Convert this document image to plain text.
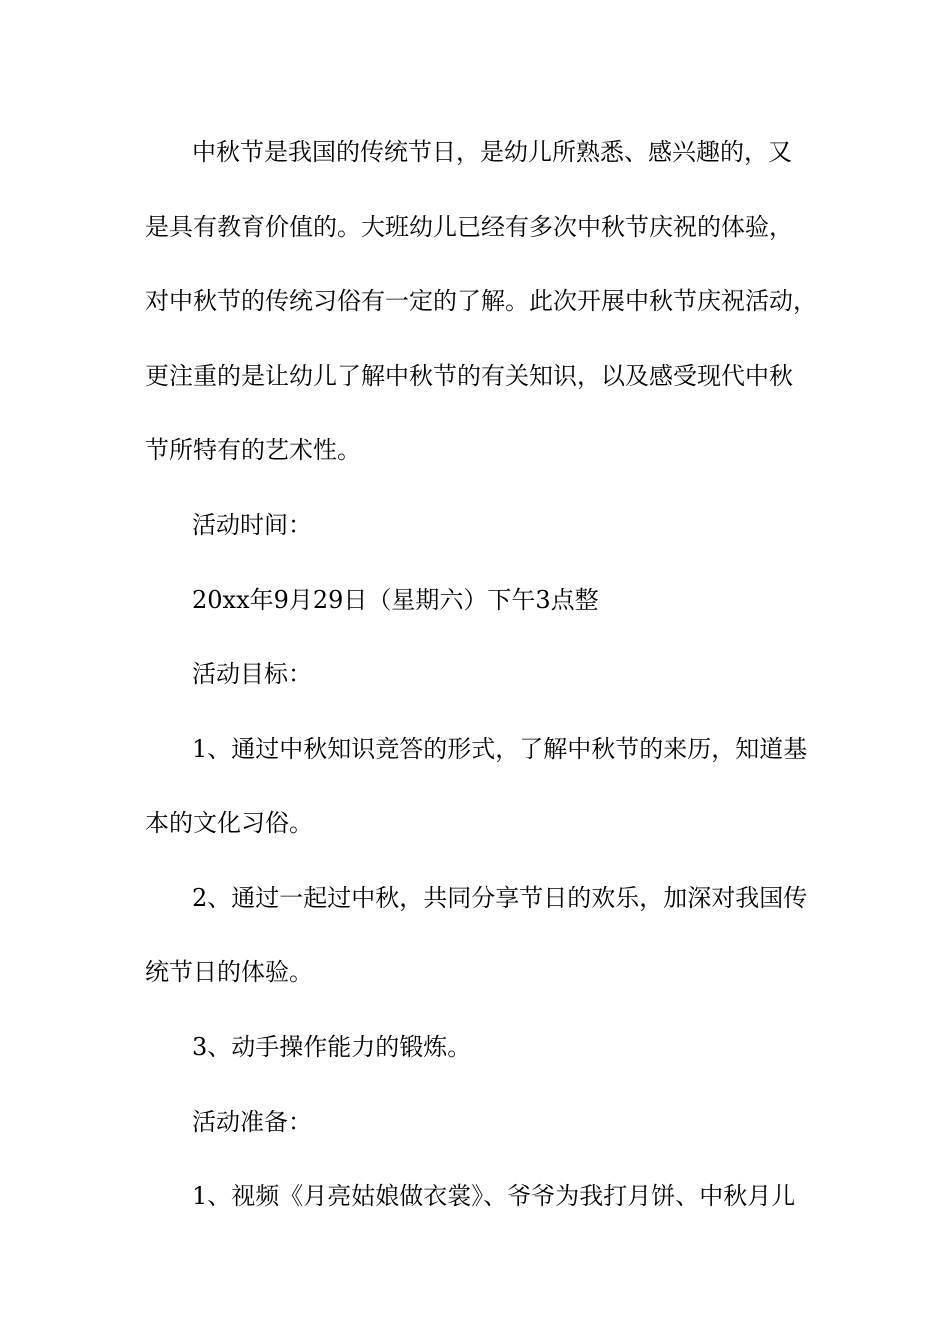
中秋节是我国的传统节日，是幼儿所熟悉、感兴趣的，又
是具有教育价值的。大班幼儿已经有多次中秋节庆祝的体验，
对中秋节的传统习俗有一定的了解。此次开展中秋节庆祝活动，
更注重的是让幼儿了解中秋节的有关知识，以及感受现代中秋
节所特有的艺术性。
活动时间：
20xx年9月29日（星期六）下午3点整
活动目标：
1、通过中秋知识竞答的形式，了解中秋节的来历，知道基
本的文化习俗。
2、通过一起过中秋，共同分享节日的欢乐，加深对我国传
统节日的体验。
3、动手操作能力的锻炼。
活动准备：
1、视频《月亮姑娘做衣裳》、爷爷为我打月饼、中秋月儿
